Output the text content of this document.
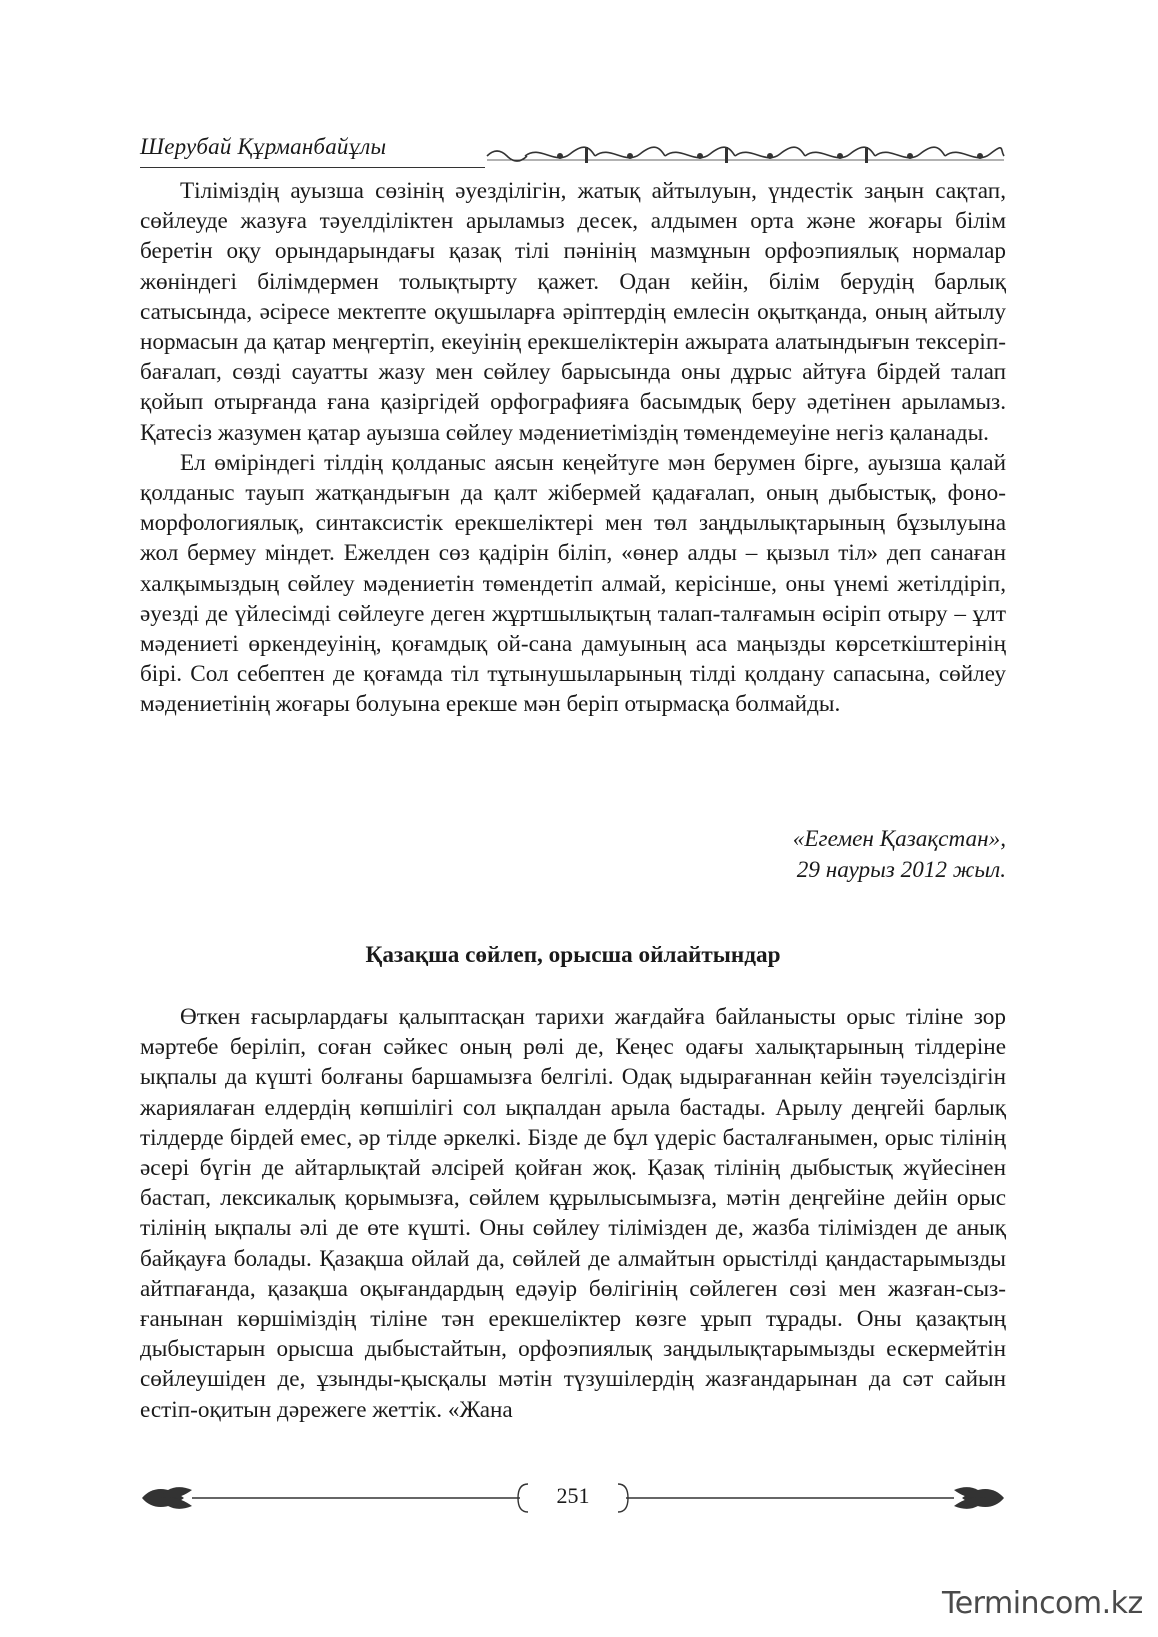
Шерубай Құрманбайұлы

Тіліміздің ауызша сөзінің әуезділігін, жатық айтылуын, үндестік заңын сақтап, сөйлеуде жазуға тәуелділіктен арыламыз десек, алдымен орта және жоғары білім беретін оқу орындарындағы қазақ тілі пәнінің мазмұнын орфоэпиялық нормалар жөніндегі білімдермен толықтырту қажет. Одан кейін, білім берудің барлық сатысында, әсіресе мектепте оқушыларға әріптердің емлесін оқытқанда, оның айтылу нормасын да қатар меңгертіп, екеуінің ерекшеліктерін ажырата алатындығын тексеріп-бағалап, сөзді сауатты жазу мен сөйлеу барысында оны дұрыс айтуға бірдей талап қойып отырғанда ғана қазіргідей орфографияға басымдық беру әдетінен арыламыз. Қатесіз жазумен қатар ауызша сөйлеу мәдениетіміздің төмендемеуіне негіз қаланады.

Ел өміріндегі тілдің қолданыс аясын кеңейтуге мән берумен бірге, ауызша қалай қолданыс тауып жатқандығын да қалт жібермей қадағалап, оның дыбыстық, фоно-морфологиялық, синтаксистік ерекшеліктері мен төл заңдылықтарының бұзылуына жол бермеу міндет. Ежелден сөз қадірін біліп, «өнер алды – қызыл тіл» деп санаған халқымыздың сөйлеу мәдениетін төмендетіп алмай, керісінше, оны үнемі жетілдіріп, әуезді де үйлесімді сөйлеуге деген жұртшылықтың талап-талғамын өсіріп отыру – ұлт мәдениеті өркендеуінің, қоғамдық ой-сана дамуының аса маңызды көрсеткіштерінің бірі. Сол себептен де қоғамда тіл тұтынушыларының тілді қолдану сапасына, сөйлеу мәдениетінің жоғары болуына ерекше мән беріп отырмасқа болмайды.

«Егемен Қазақстан»,
29 наурыз 2012 жыл.
Қазақша сөйлеп, орысша ойлайтындар

Өткен ғасырлардағы қалыптасқан тарихи жағдайға байланысты орыс тіліне зор мәртебе беріліп, соған сәйкес оның рөлі де, Кеңес одағы халықтарының тілдеріне ықпалы да күшті болғаны баршамызға белгілі. Одақ ыдырағаннан кейін тәуелсіздігін жариялаған елдердің көпшілігі сол ықпалдан арыла бастады. Арылу деңгейі барлық тілдерде бірдей емес, әр тілде әркелкі. Бізде де бұл үдеріс басталғанымен, орыс тілінің әсері бүгін де айтарлықтай әлсірей қойған жоқ. Қазақ тілінің дыбыстық жүйесінен бастап, лексикалық қорымызға, сөйлем құрылысымызға, мәтін деңгейіне дейін орыс тілінің ықпалы әлі де өте күшті. Оны сөйлеу тілімізден де, жазба тілімізден де анық байқауға болады. Қазақша ойлай да, сөйлей де алмайтын орыстілді қандастарымызды айтпағанда, қазақша оқығандардың едәуір бөлігінің сөйлеген сөзі мен жазған-сызғанынан көршіміздің тіліне тән ерекшеліктер көзге ұрып тұрады. Оны қазақтың дыбыстарын орысша дыбыстайтын, орфоэпиялық заңдылықтарымызды ескермейтін сөйлеушіден де, ұзынды-қысқалы мәтін түзушілердің жазғандарынан да сәт сайын естіп-оқитын дәрежеге жеттік. «Жана

251
Termincom.kz
